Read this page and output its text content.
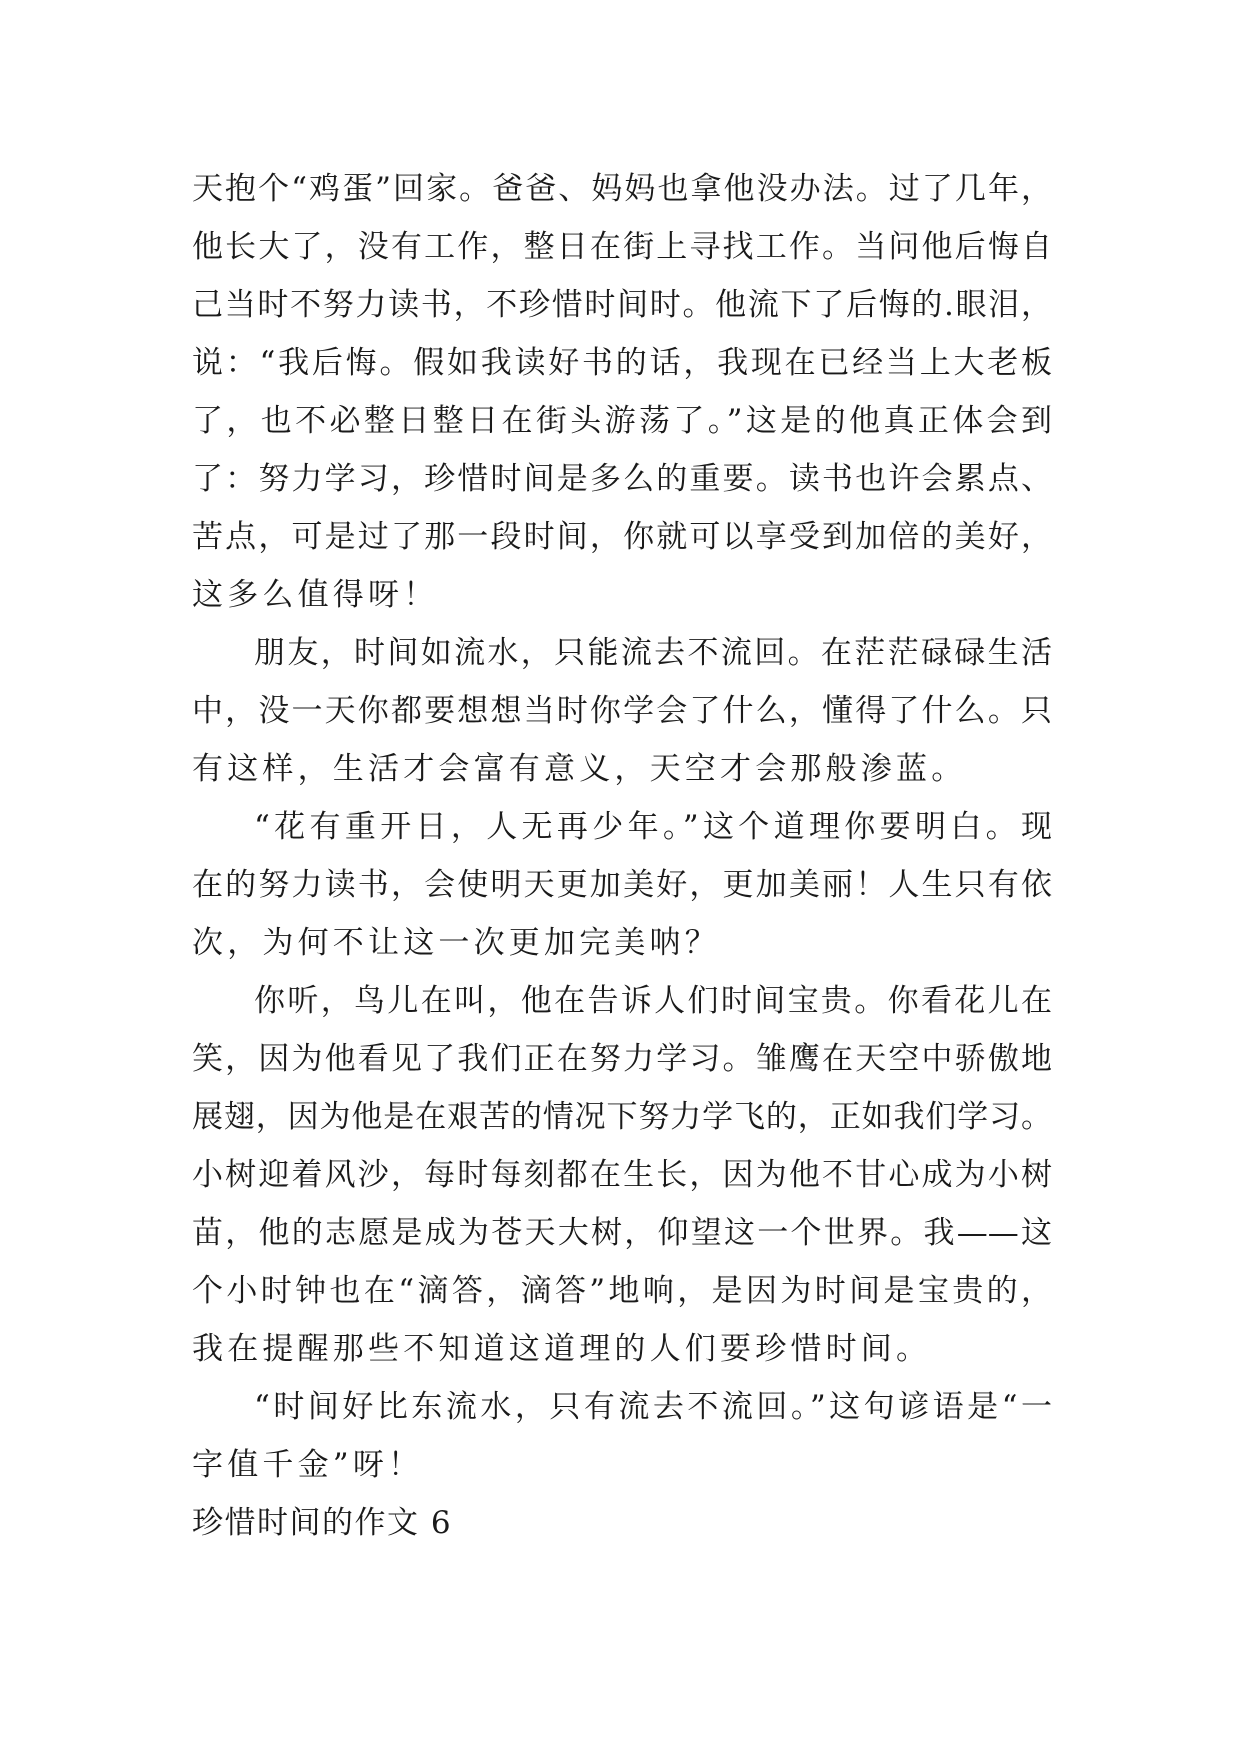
天抱个“鸡蛋”回家。爸爸、妈妈也拿他没办法。过了几年，
他长大了，没有工作，整日在街上寻找工作。当问他后悔自
己当时不努力读书，不珍惜时间时。他流下了后悔的.眼泪，
说：“我后悔。假如我读好书的话，我现在已经当上大老板
了，也不必整日整日在街头游荡了。”这是的他真正体会到
了：努力学习，珍惜时间是多么的重要。读书也许会累点、
苦点，可是过了那一段时间，你就可以享受到加倍的美好，
这多么值得呀！
朋友，时间如流水，只能流去不流回。在茫茫碌碌生活
中，没一天你都要想想当时你学会了什么，懂得了什么。只
有这样，生活才会富有意义，天空才会那般渗蓝。
“花有重开日，人无再少年。”这个道理你要明白。现
在的努力读书，会使明天更加美好，更加美丽！人生只有依
次，为何不让这一次更加完美呐？
你听，鸟儿在叫，他在告诉人们时间宝贵。你看花儿在
笑，因为他看见了我们正在努力学习。雏鹰在天空中骄傲地
展翅，因为他是在艰苦的情况下努力学飞的，正如我们学习。
小树迎着风沙，每时每刻都在生长，因为他不甘心成为小树
苗，他的志愿是成为苍天大树，仰望这一个世界。我——这
个小时钟也在“滴答，滴答”地响，是因为时间是宝贵的，
我在提醒那些不知道这道理的人们要珍惜时间。
“时间好比东流水，只有流去不流回。”这句谚语是“一
字值千金”呀！
珍惜时间的作文 6
